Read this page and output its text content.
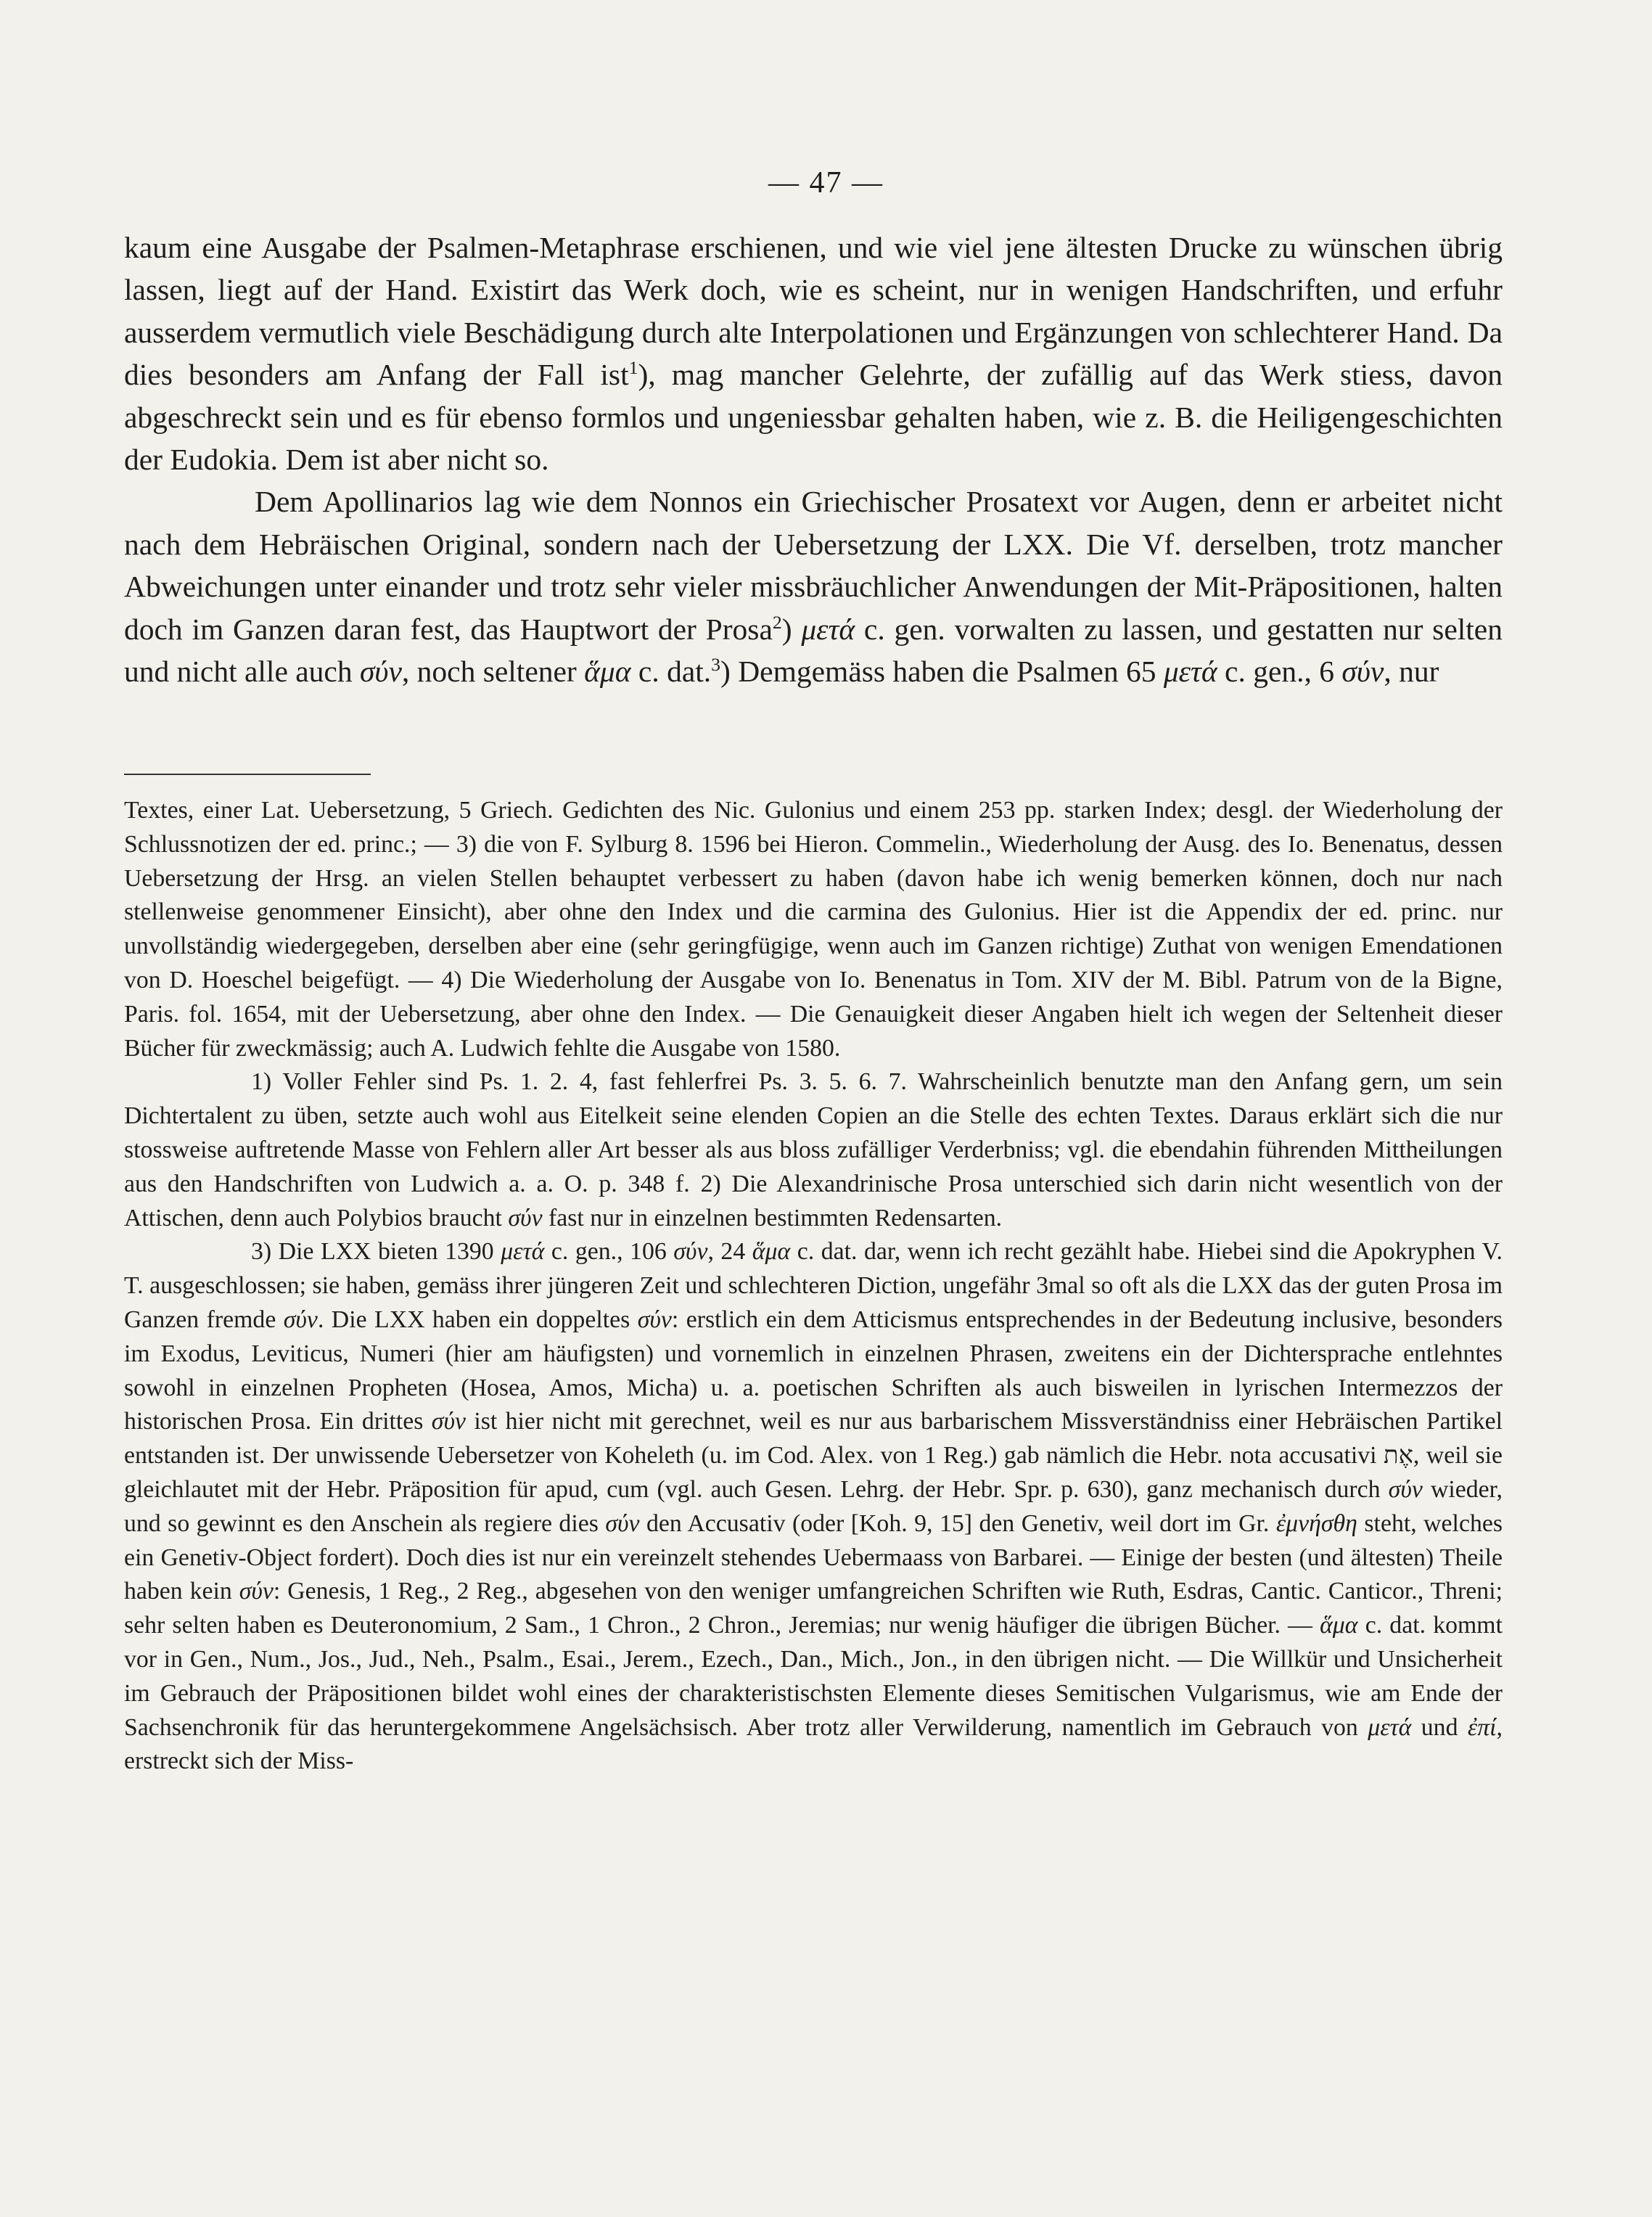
— 47 —

kaum eine Ausgabe der Psalmen-Metaphrase erschienen, und wie viel jene ältesten Drucke zu wünschen übrig lassen, liegt auf der Hand. Existirt das Werk doch, wie es scheint, nur in wenigen Handschriften, und erfuhr ausserdem vermutlich viele Beschädigung durch alte Interpolationen und Ergänzungen von schlechterer Hand. Da dies besonders am Anfang der Fall ist$^1$), mag mancher Gelehrte, der zufällig auf das Werk stiess, davon abgeschreckt sein und es für ebenso formlos und ungeniessbar gehalten haben, wie z. B. die Heiligengeschichten der Eudokia. Dem ist aber nicht so.

Dem Apollinarios lag wie dem Nonnos ein Griechischer Prosatext vor Augen, denn er arbeitet nicht nach dem Hebräischen Original, sondern nach der Uebersetzung der LXX. Die Vf. derselben, trotz mancher Abweichungen unter einander und trotz sehr vieler missbräuchlicher Anwendungen der Mit-Präpositionen, halten doch im Ganzen daran fest, das Hauptwort der Prosa$^2$) μετά c. gen. vorwalten zu lassen, und gestatten nur selten und nicht alle auch σύν, noch seltener ἅμα c. dat.$^3$) Demgemäss haben die Psalmen 65 μετά c. gen., 6 σύν, nur

Textes, einer Lat. Uebersetzung, 5 Griech. Gedichten des Nic. Gulonius und einem 253 pp. starken Index; desgl. der Wiederholung der Schlussnotizen der ed. princ.; — 3) die von F. Sylburg 8. 1596 bei Hieron. Commelin., Wiederholung der Ausg. des Io. Benenatus, dessen Uebersetzung der Hrsg. an vielen Stellen behauptet verbessert zu haben (davon habe ich wenig bemerken können, doch nur nach stellenweise genommener Einsicht), aber ohne den Index und die carmina des Gulonius. Hier ist die Appendix der ed. princ. nur unvollständig wiedergegeben, derselben aber eine (sehr geringfügige, wenn auch im Ganzen richtige) Zuthat von wenigen Emendationen von D. Hoeschel beigefügt. — 4) Die Wiederholung der Ausgabe von Io. Benenatus in Tom. XIV der M. Bibl. Patrum von de la Bigne, Paris. fol. 1654, mit der Uebersetzung, aber ohne den Index. — Die Genauigkeit dieser Angaben hielt ich wegen der Seltenheit dieser Bücher für zweckmässig; auch A. Ludwich fehlte die Ausgabe von 1580.

1) Voller Fehler sind Ps. 1. 2. 4, fast fehlerfrei Ps. 3. 5. 6. 7. Wahrscheinlich benutzte man den Anfang gern, um sein Dichtertalent zu üben, setzte auch wohl aus Eitelkeit seine elenden Copien an die Stelle des echten Textes. Daraus erklärt sich die nur stossweise auftretende Masse von Fehlern aller Art besser als aus bloss zufälliger Verderbniss; vgl. die ebendahin führenden Mittheilungen aus den Handschriften von Ludwich a. a. O. p. 348 f. 2) Die Alexandrinische Prosa unterschied sich darin nicht wesentlich von der Attischen, denn auch Polybios braucht σύν fast nur in einzelnen bestimmten Redensarten.

3) Die LXX bieten 1390 μετά c. gen., 106 σύν, 24 ἅμα c. dat. dar, wenn ich recht gezählt habe. Hiebei sind die Apokryphen V. T. ausgeschlossen; sie haben, gemäss ihrer jüngeren Zeit und schlechteren Diction, ungefähr 3mal so oft als die LXX das der guten Prosa im Ganzen fremde σύν. Die LXX haben ein doppeltes σύν: erstlich ein dem Atticismus entsprechendes in der Bedeutung inclusive, besonders im Exodus, Leviticus, Numeri (hier am häufigsten) und vornemlich in einzelnen Phrasen, zweitens ein der Dichtersprache entlehntes sowohl in einzelnen Propheten (Hosea, Amos, Micha) u. a. poetischen Schriften als auch bisweilen in lyrischen Intermezzos der historischen Prosa. Ein drittes σύν ist hier nicht mit gerechnet, weil es nur aus barbarischem Missverständniss einer Hebräischen Partikel entstanden ist. Der unwissende Uebersetzer von Koheleth (u. im Cod. Alex. von 1 Reg.) gab nämlich die Hebr. nota accusativi אֶת, weil sie gleichlautet mit der Hebr. Präposition für apud, cum (vgl. auch Gesen. Lehrg. der Hebr. Spr. p. 630), ganz mechanisch durch σύν wieder, und so gewinnt es den Anschein als regiere dies σύν den Accusativ (oder [Koh. 9, 15] den Genetiv, weil dort im Gr. ἐμνήσθη steht, welches ein Genetiv-Object fordert). Doch dies ist nur ein vereinzelt stehendes Uebermaass von Barbarei. — Einige der besten (und ältesten) Theile haben kein σύν: Genesis, 1 Reg., 2 Reg., abgesehen von den weniger umfangreichen Schriften wie Ruth, Esdras, Cantic. Canticor., Threni; sehr selten haben es Deuteronomium, 2 Sam., 1 Chron., 2 Chron., Jeremias; nur wenig häufiger die übrigen Bücher. — ἅμα c. dat. kommt vor in Gen., Num., Jos., Jud., Neh., Psalm., Esai., Jerem., Ezech., Dan., Mich., Jon., in den übrigen nicht. — Die Willkür und Unsicherheit im Gebrauch der Präpositionen bildet wohl eines der charakteristischsten Elemente dieses Semitischen Vulgarismus, wie am Ende der Sachsenchronik für das heruntergekommene Angelsächsisch. Aber trotz aller Verwilderung, namentlich im Gebrauch von μετά und ἐπί, erstreckt sich der Miss-
